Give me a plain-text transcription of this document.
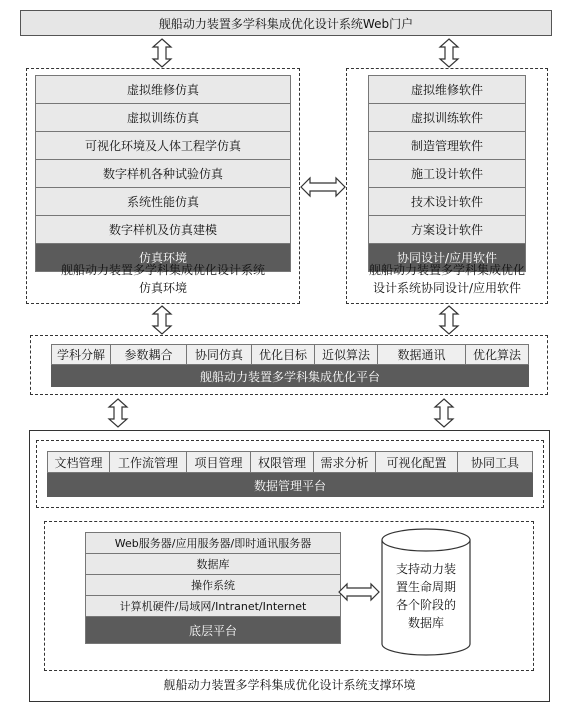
舰船动力装置多学科集成优化设计系统Web门户
虚拟维修仿真
虚拟训练仿真
可视化环境及人体工程学仿真
数字样机各种试验仿真
系统性能仿真
数字样机及仿真建模
仿真环境
舰船动力装置多学科集成优化设计系统
仿真环境
虚拟维修软件
虚拟训练软件
制造管理软件
施工设计软件
技术设计软件
方案设计软件
协同设计/应用软件
舰船动力装置多学科集成优化
设计系统协同设计/应用软件
学科分解	参数耦合	协同仿真	优化目标	近似算法	数据通讯	优化算法
舰船动力装置多学科集成优化平台
舰船动力装置多学科集成优化设计系统支撑环境
文档管理	工作流管理	项目管理	权限管理	需求分析	可视化配置	协同工具
数据管理平台
Web服务器/应用服务器/即时通讯服务器
数据库
操作系统
计算机硬件/局域网/Intranet/Internet
底层平台
支持动力装
置生命周期
各个阶段的
数据库
